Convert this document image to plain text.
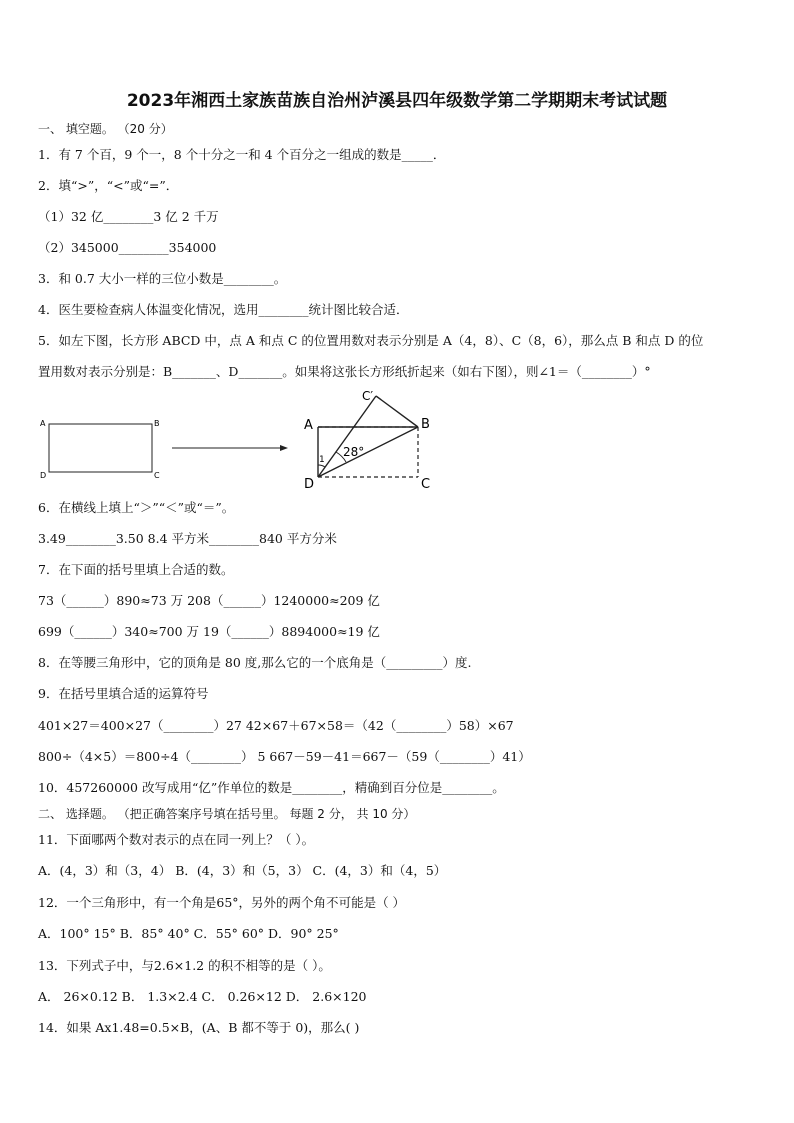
2023年湘西土家族苗族自治州泸溪县四年级数学第二学期期末考试试题
一、 填空题。 （20 分）
1．有 7 个百，9 个一，8 个十分之一和 4 个百分之一组成的数是_____．
2．填“>”，“<”或“=”．
（1）32 亿________3 亿 2 千万
（2）345000________354000
3．和 0.7 大小一样的三位小数是________。
4．医生要检查病人体温变化情况，选用________统计图比较合适．
5．如左下图，长方形 ABCD 中，点 A 和点 C 的位置用数对表示分别是 A（4，8）、C（8，6），那么点 B 和点 D 的位
置用数对表示分别是：B_______、D_______。如果将这张长方形纸折起来（如右下图），则∠1＝（________）°
A	B
C
D
A	B
C
D
C′
28°
1
6．在横线上填上“＞”“＜”或“＝”。
3.49________3.50 8.4 平方米________840 平方分米
7．在下面的括号里填上合适的数。
73（______）890≈73 万 208（______）1240000≈209 亿
699（______）340≈700 万 19（______）8894000≈19 亿
8．在等腰三角形中，它的顶角是 80 度,那么它的一个底角是（_________）度.
9．在括号里填合适的运算符号
401×27＝400×27（________）27 42×67＋67×58＝（42（________）58）×67
800÷（4×5）＝800÷4（________） 5 667－59－41＝667－（59（________）41）
10．457260000 改写成用“亿”作单位的数是________，精确到百分位是________。
二、 选择题。 （把正确答案序号填在括号里。 每题 2 分， 共 10 分）
11．下面哪两个数对表示的点在同一列上？（ ）。
A．(4，3）和（3，4） B．(4，3）和（5，3） C．(4，3）和（4，5）
12．一个三角形中，有一个角是65°，另外的两个角不可能是（ ）
A．100° 15° B．85° 40° C．55° 60° D．90° 25°
13．下列式子中，与2.6×1.2 的积不相等的是（ ）。
A． 26×0.12 B． 1.3×2.4 C． 0.26×12 D． 2.6×120
14．如果 Ax1.48=0.5×B，(A、B 都不等于 0)，那么( )
